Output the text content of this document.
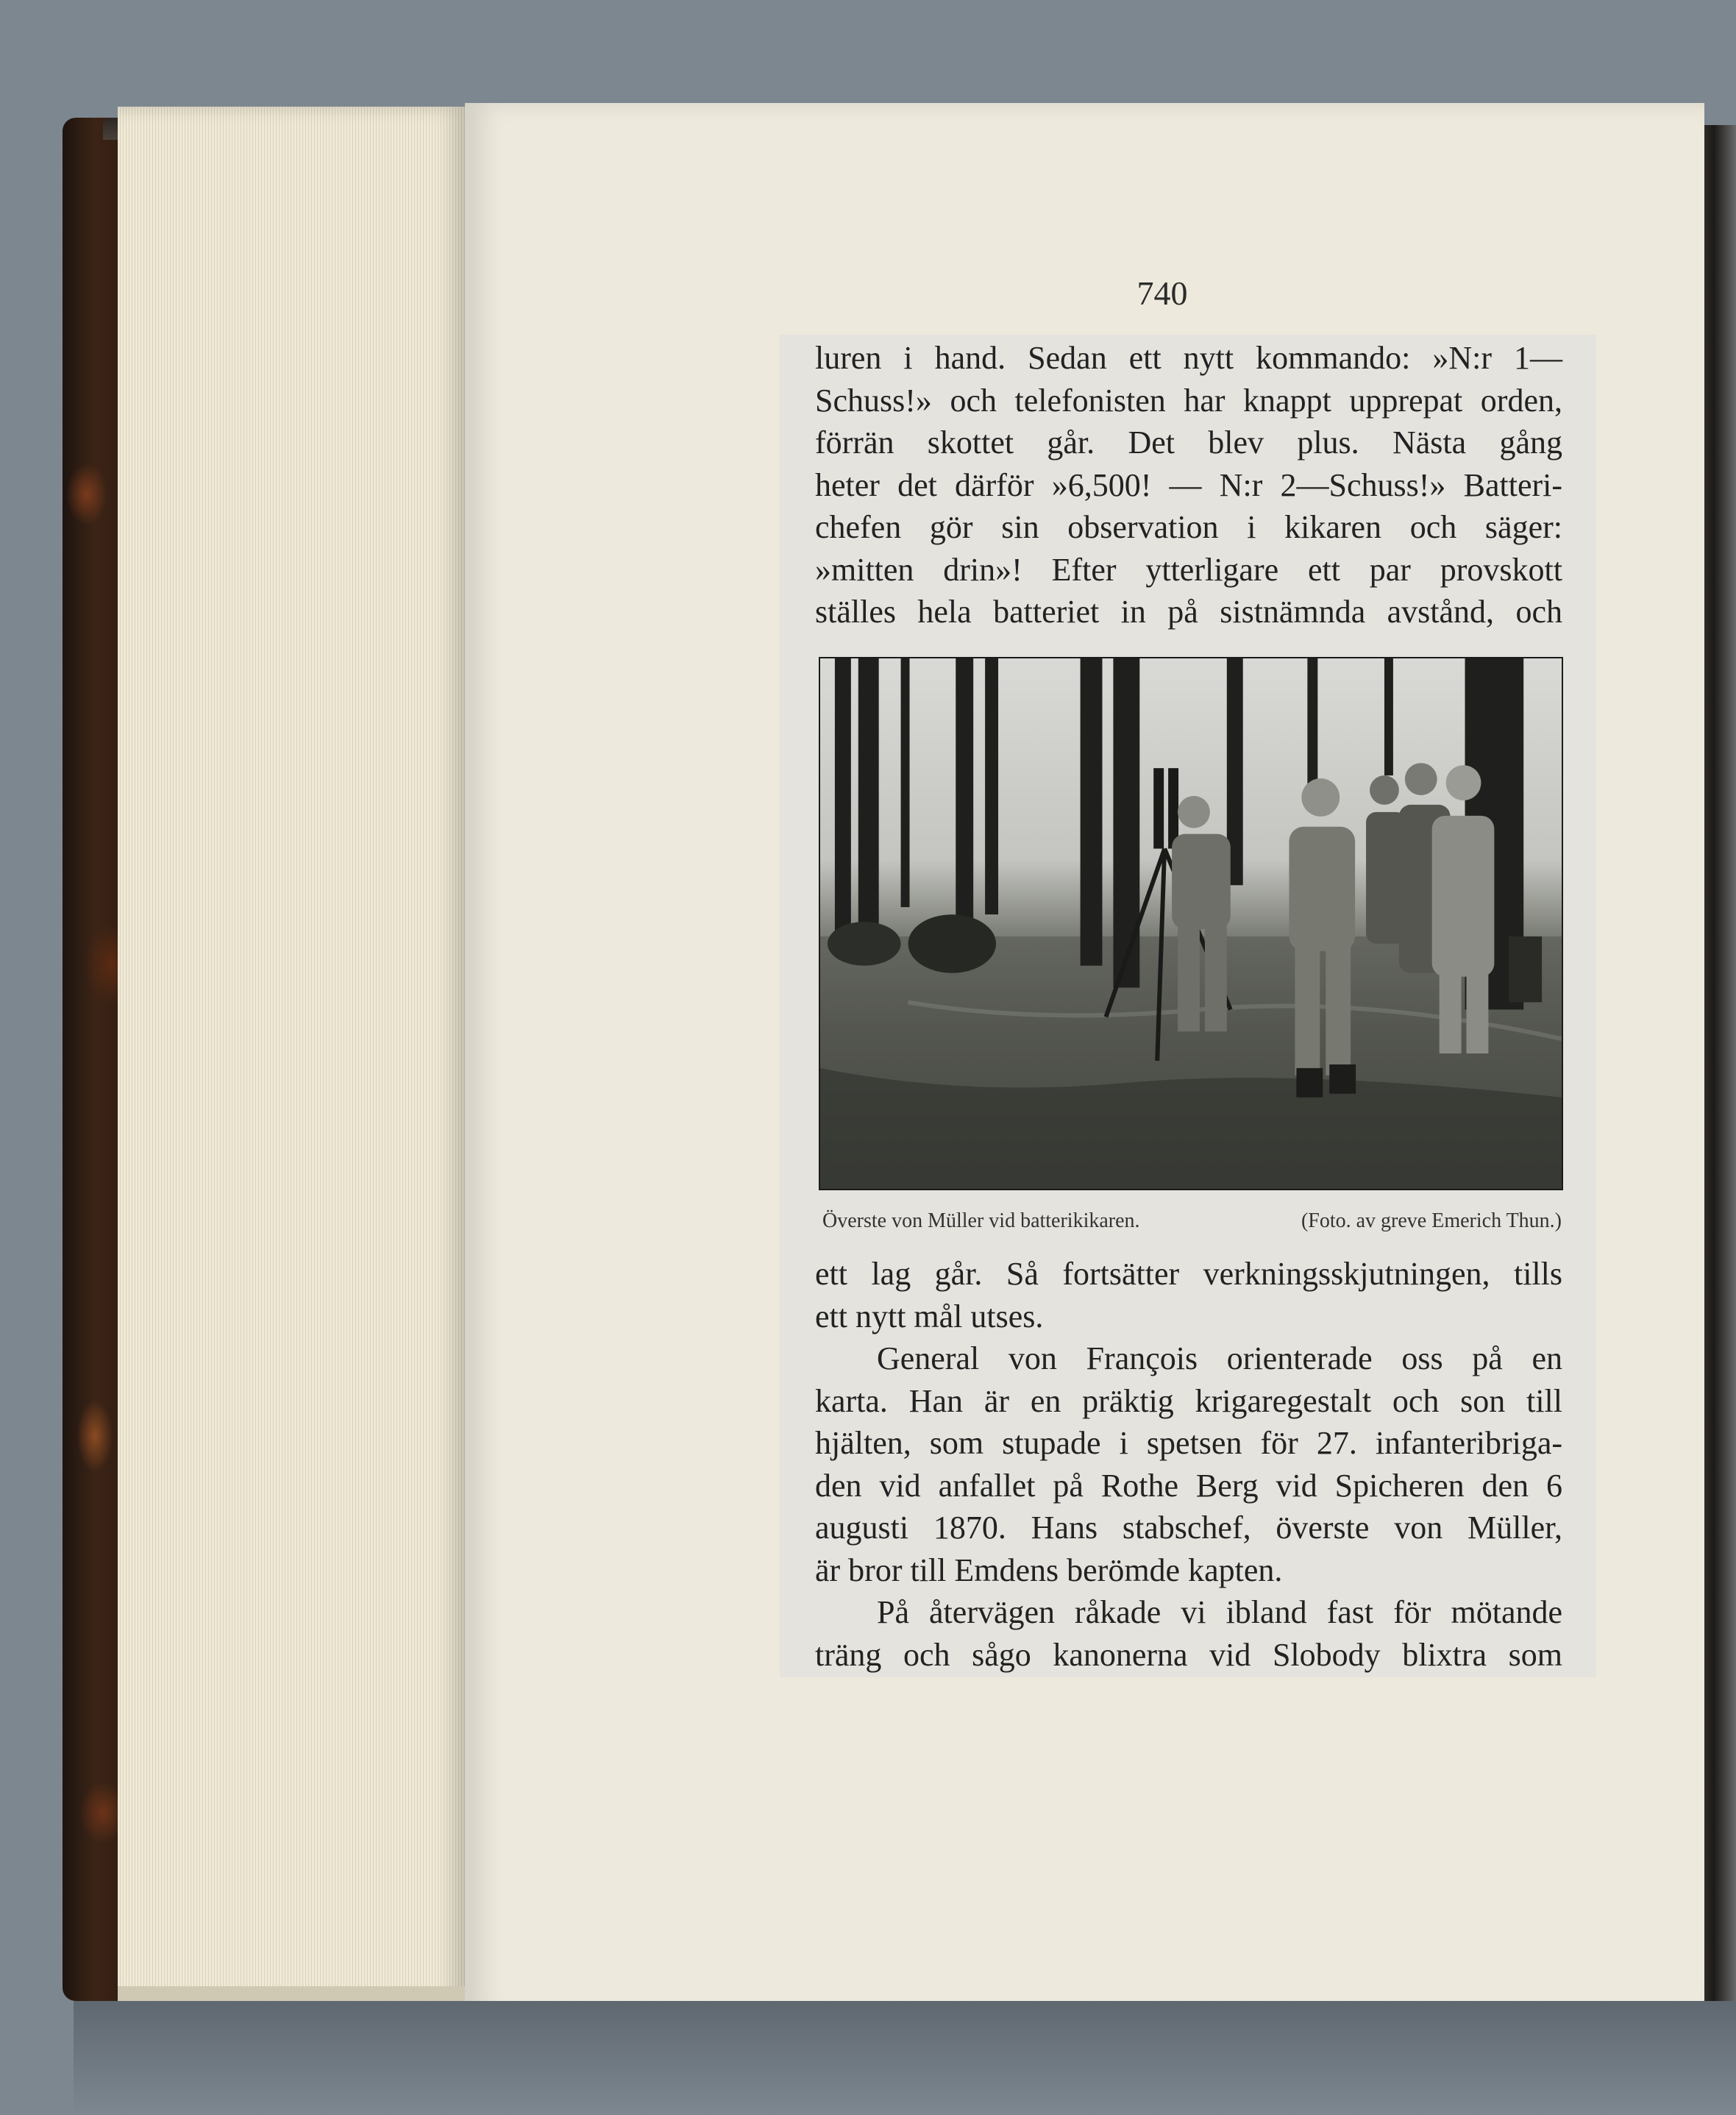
740
luren i hand. Sedan ett nytt kommando: »N:r 1—
Schuss!» och telefonisten har knappt upprepat orden,
förrän skottet går. Det blev plus. Nästa gång
heter det därför »6,500! — N:r 2—Schuss!» Batteri-
chefen gör sin observation i kikaren och säger:
»mitten drin»! Efter ytterligare ett par provskott
ställes hela batteriet in på sistnämnda avstånd, och
Överste von Müller vid batterikikaren.	(Foto. av greve Emerich Thun.)
ett lag går. Så fortsätter verkningsskjutningen, tills
ett nytt mål utses.
General von François orienterade oss på en
karta. Han är en präktig krigaregestalt och son till
hjälten, som stupade i spetsen för 27. infanteribriga-
den vid anfallet på Rothe Berg vid Spicheren den 6
augusti 1870. Hans stabschef, överste von Müller,
är bror till Emdens berömde kapten.
På återvägen råkade vi ibland fast för mötande
träng och sågo kanonerna vid Slobody blixtra som
